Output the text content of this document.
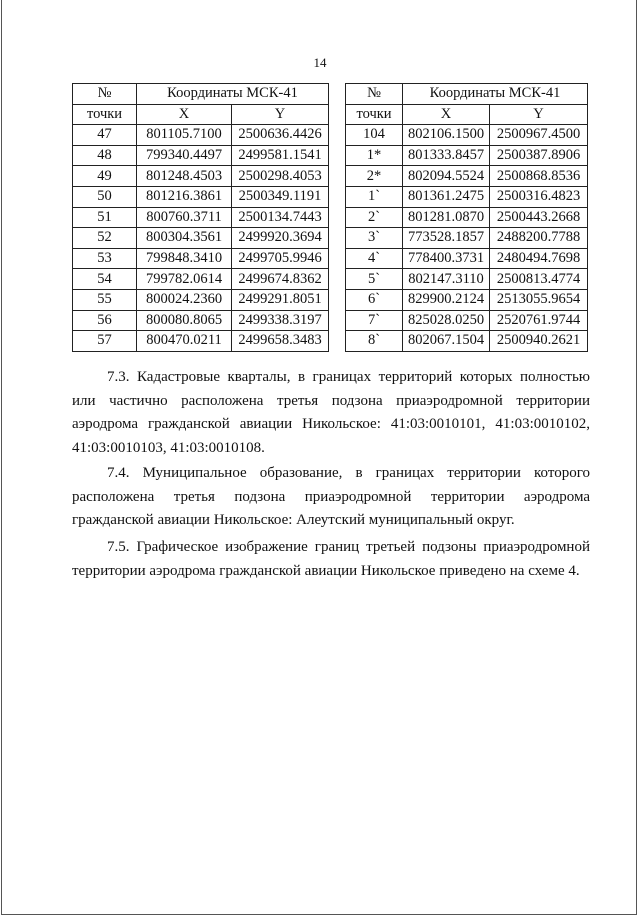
14
№	Координаты МСК-41	
точки	X	Y
47	801105.7100	2500636.4426
48	799340.4497	2499581.1541
49	801248.4503	2500298.4053
50	801216.3861	2500349.1191
51	800760.3711	2500134.7443
52	800304.3561	2499920.3694
53	799848.3410	2499705.9946
54	799782.0614	2499674.8362
55	800024.2360	2499291.8051
56	800080.8065	2499338.3197
57	800470.0211	2499658.3483
№	Координаты МСК-41	
точки	X	Y
104	802106.1500	2500967.4500
1*	801333.8457	2500387.8906
2*	802094.5524	2500868.8536
1`	801361.2475	2500316.4823
2`	801281.0870	2500443.2668
3`	773528.1857	2488200.7788
4`	778400.3731	2480494.7698
5`	802147.3110	2500813.4774
6`	829900.2124	2513055.9654
7`	825028.0250	2520761.9744
8`	802067.1504	2500940.2621

7.3. Кадастровые кварталы, в границах территорий которых полностью или частично расположена третья подзона приаэродромной территории аэродрома гражданской авиации Никольское: 41:03:0010101, 41:03:0010102, 41:03:0010103, 41:03:0010108.

7.4. Муниципальное образование, в границах территории которого расположена третья подзона приаэродромной территории аэродрома гражданской авиации Никольское: Алеутский муниципальный округ.

7.5. Графическое изображение границ третьей подзоны приаэродромной территории аэродрома гражданской авиации Никольское приведено на схеме 4.
